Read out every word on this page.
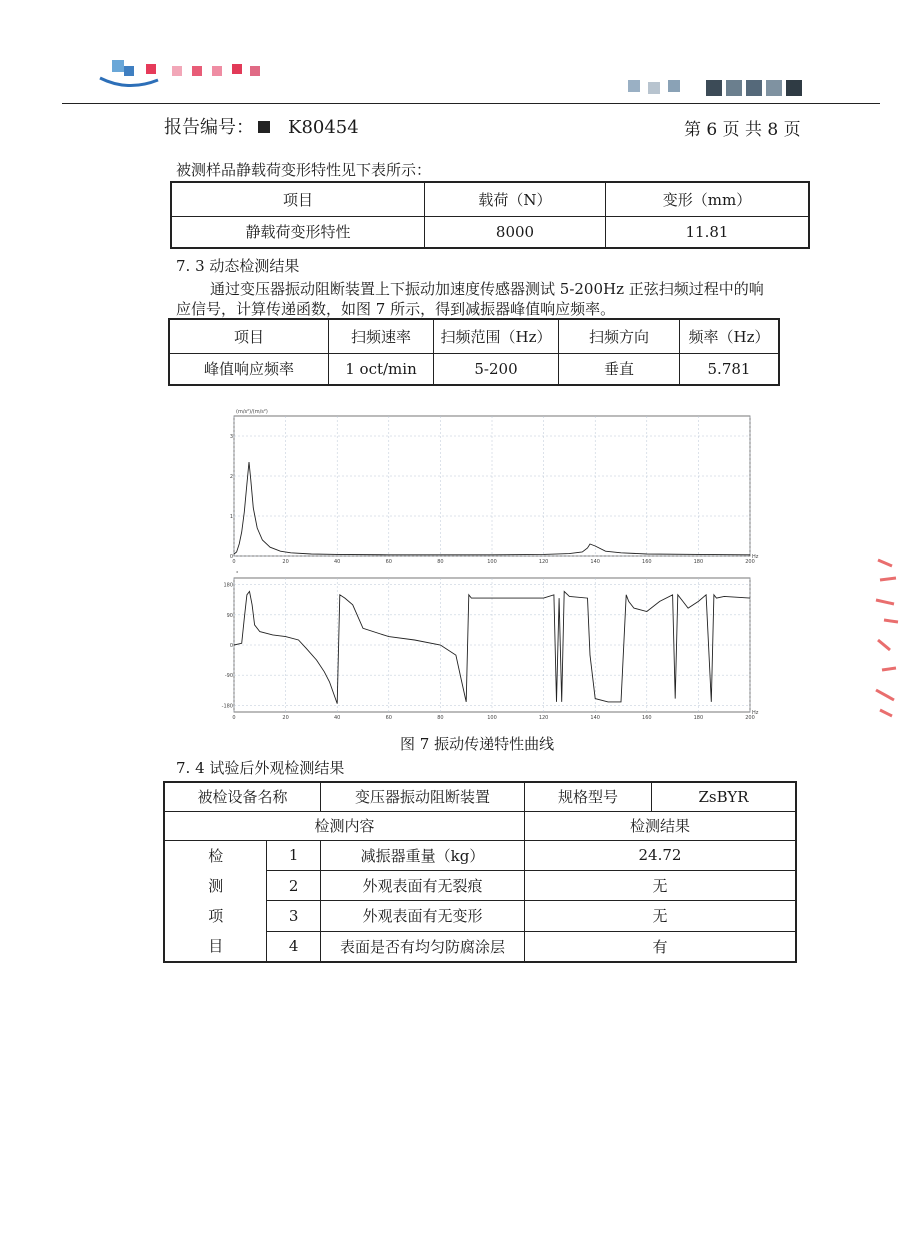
报告编号： K80454	第 6 页 共 8 页
被测样品静载荷变形特性见下表所示：
项目	载荷（N）	变形（mm）
静载荷变形特性	8000	11.81
7. 3 动态检测结果
通过变压器振动阻断装置上下振动加速度传感器测试 5-200Hz 正弦扫频过程中的响
应信号，计算传递函数，如图 7 所示，得到减振器峰值响应频率。
项目	扫频速率	扫频范围（Hz）	扫频方向	频率（Hz）
峰值响应频率	1 oct/min	5-200	垂直	5.781
0	20	40	60	80	100	120	140	160	180	200
0
1
2
3
(m/s²)/(m/s²)
Hz
0	20	40	60	80	100	120	140	160	180	200
180
90
0
-90
-180
°
Hz
图 7 振动传递特性曲线
7. 4 试验后外观检测结果
被检设备名称		变压器振动阻断装置	规格型号	ZsBYR
检测内容			检测结果	

检
测
项
目	1	减振器重量（kg）	24.72	
	2	外观表面有无裂痕	无	
	3	外观表面有无变形	无	
	4	表面是否有均匀防腐涂层	有	
